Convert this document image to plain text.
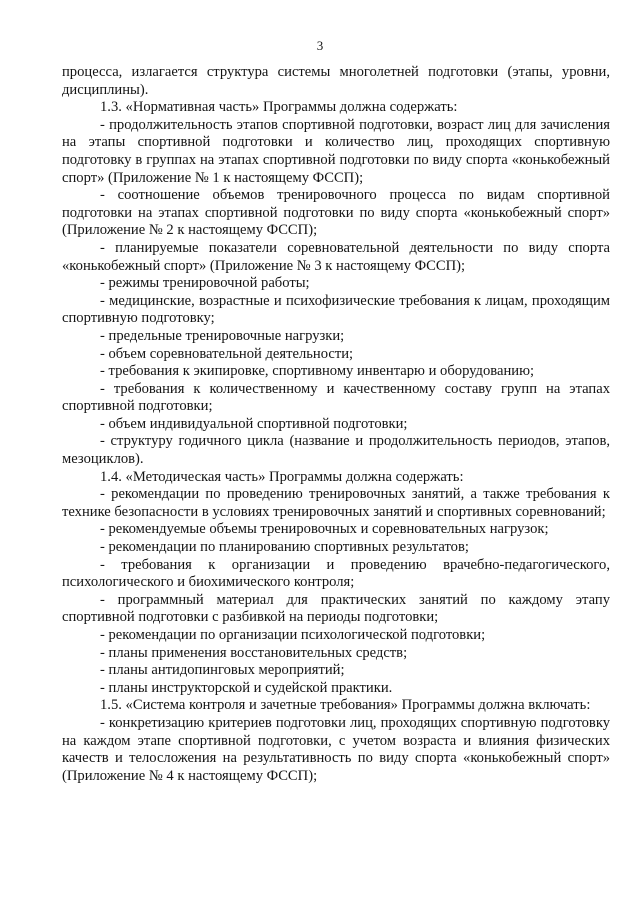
3

процесса, излагается структура системы многолетней подготовки (этапы, уровни, дисциплины).

1.3. «Нормативная часть» Программы должна содержать:

- продолжительность этапов спортивной подготовки, возраст лиц для зачисления на этапы спортивной подготовки и количество лиц, проходящих спортивную подготовку в группах на этапах спортивной подготовки по виду спорта «конькобежный спорт» (Приложение № 1 к настоящему ФССП);

- соотношение объемов тренировочного процесса по видам спортивной подготовки на этапах спортивной подготовки по виду спорта «конькобежный спорт» (Приложение № 2 к настоящему ФССП);

- планируемые показатели соревновательной деятельности по виду спорта «конькобежный спорт» (Приложение № 3 к настоящему ФССП);

- режимы тренировочной работы;

- медицинские, возрастные и психофизические требования к лицам, проходящим спортивную подготовку;

- предельные тренировочные нагрузки;

- объем соревновательной деятельности;

- требования к экипировке, спортивному инвентарю и оборудованию;

- требования к количественному и качественному составу групп на этапах спортивной подготовки;

- объем индивидуальной спортивной подготовки;

- структуру годичного цикла (название и продолжительность периодов, этапов, мезоциклов).

1.4. «Методическая часть» Программы должна содержать:

- рекомендации по проведению тренировочных занятий, а также требования к технике безопасности в условиях тренировочных занятий и спортивных соревнований;

- рекомендуемые объемы тренировочных и соревновательных нагрузок;

- рекомендации по планированию спортивных результатов;

- требования к организации и проведению врачебно-педагогического, психологического и биохимического контроля;

- программный материал для практических занятий по каждому этапу спортивной подготовки с разбивкой на периоды подготовки;

- рекомендации по организации психологической подготовки;

- планы применения восстановительных средств;

- планы антидопинговых мероприятий;

- планы инструкторской и судейской практики.

1.5. «Система контроля и зачетные требования» Программы должна включать:

- конкретизацию критериев подготовки лиц, проходящих спортивную подготовку на каждом этапе спортивной подготовки, с учетом возраста и влияния физических качеств и телосложения на результативность по виду спорта «конькобежный спорт» (Приложение № 4 к настоящему ФССП);
